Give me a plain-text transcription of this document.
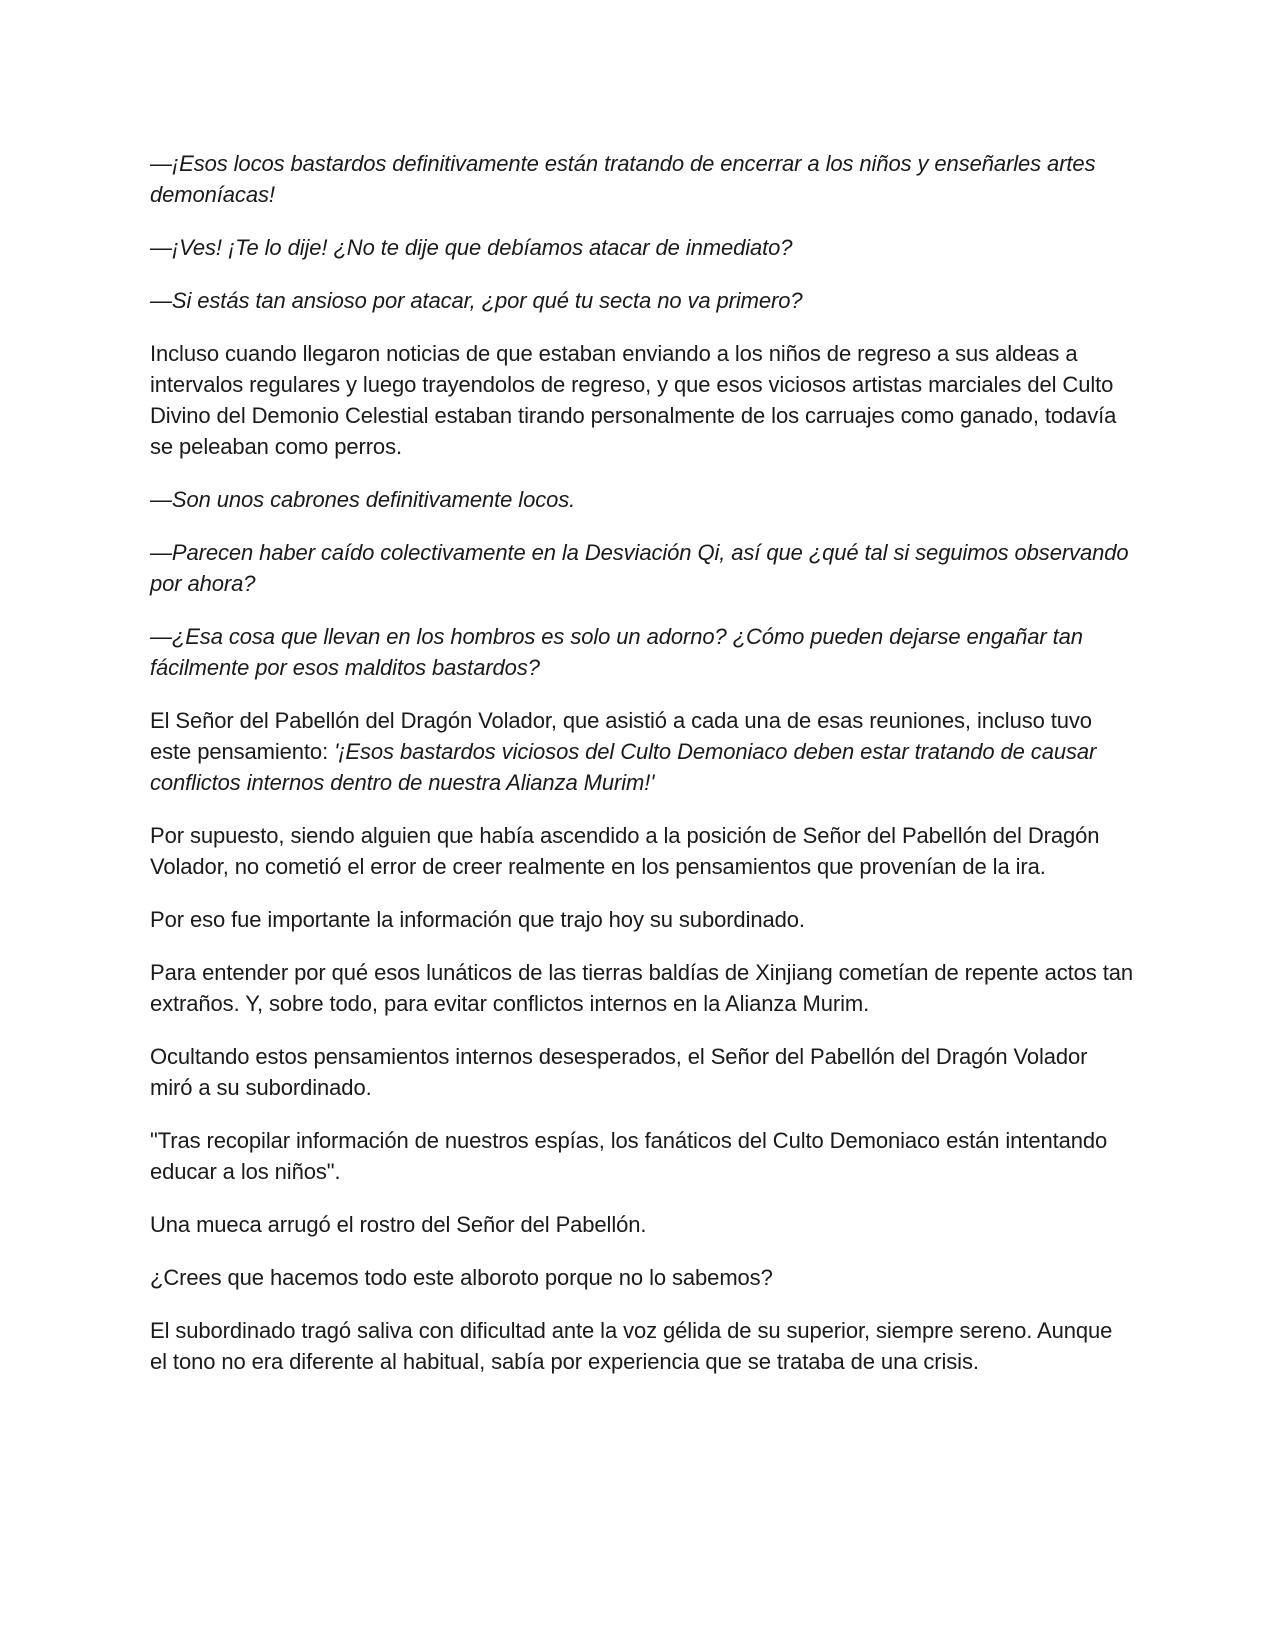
—¡Esos locos bastardos definitivamente están tratando de encerrar a los niños y enseñarles artes demoníacas!

—¡Ves! ¡Te lo dije! ¿No te dije que debíamos atacar de inmediato?

—Si estás tan ansioso por atacar, ¿por qué tu secta no va primero?

Incluso cuando llegaron noticias de que estaban enviando a los niños de regreso a sus aldeas a intervalos regulares y luego trayendolos de regreso, y que esos viciosos artistas marciales del Culto Divino del Demonio Celestial estaban tirando personalmente de los carruajes como ganado, todavía se peleaban como perros.

—Son unos cabrones definitivamente locos.

—Parecen haber caído colectivamente en la Desviación Qi, así que ¿qué tal si seguimos observando por ahora?

—¿Esa cosa que llevan en los hombros es solo un adorno? ¿Cómo pueden dejarse engañar tan fácilmente por esos malditos bastardos?

El Señor del Pabellón del Dragón Volador, que asistió a cada una de esas reuniones, incluso tuvo este pensamiento: '¡Esos bastardos viciosos del Culto Demoniaco deben estar tratando de causar conflictos internos dentro de nuestra Alianza Murim!'

Por supuesto, siendo alguien que había ascendido a la posición de Señor del Pabellón del Dragón Volador, no cometió el error de creer realmente en los pensamientos que provenían de la ira.

Por eso fue importante la información que trajo hoy su subordinado.

Para entender por qué esos lunáticos de las tierras baldías de Xinjiang cometían de repente actos tan extraños. Y, sobre todo, para evitar conflictos internos en la Alianza Murim.

Ocultando estos pensamientos internos desesperados, el Señor del Pabellón del Dragón Volador miró a su subordinado.

"Tras recopilar información de nuestros espías, los fanáticos del Culto Demoniaco están intentando educar a los niños".

Una mueca arrugó el rostro del Señor del Pabellón.

¿Crees que hacemos todo este alboroto porque no lo sabemos?

El subordinado tragó saliva con dificultad ante la voz gélida de su superior, siempre sereno. Aunque el tono no era diferente al habitual, sabía por experiencia que se trataba de una crisis.
